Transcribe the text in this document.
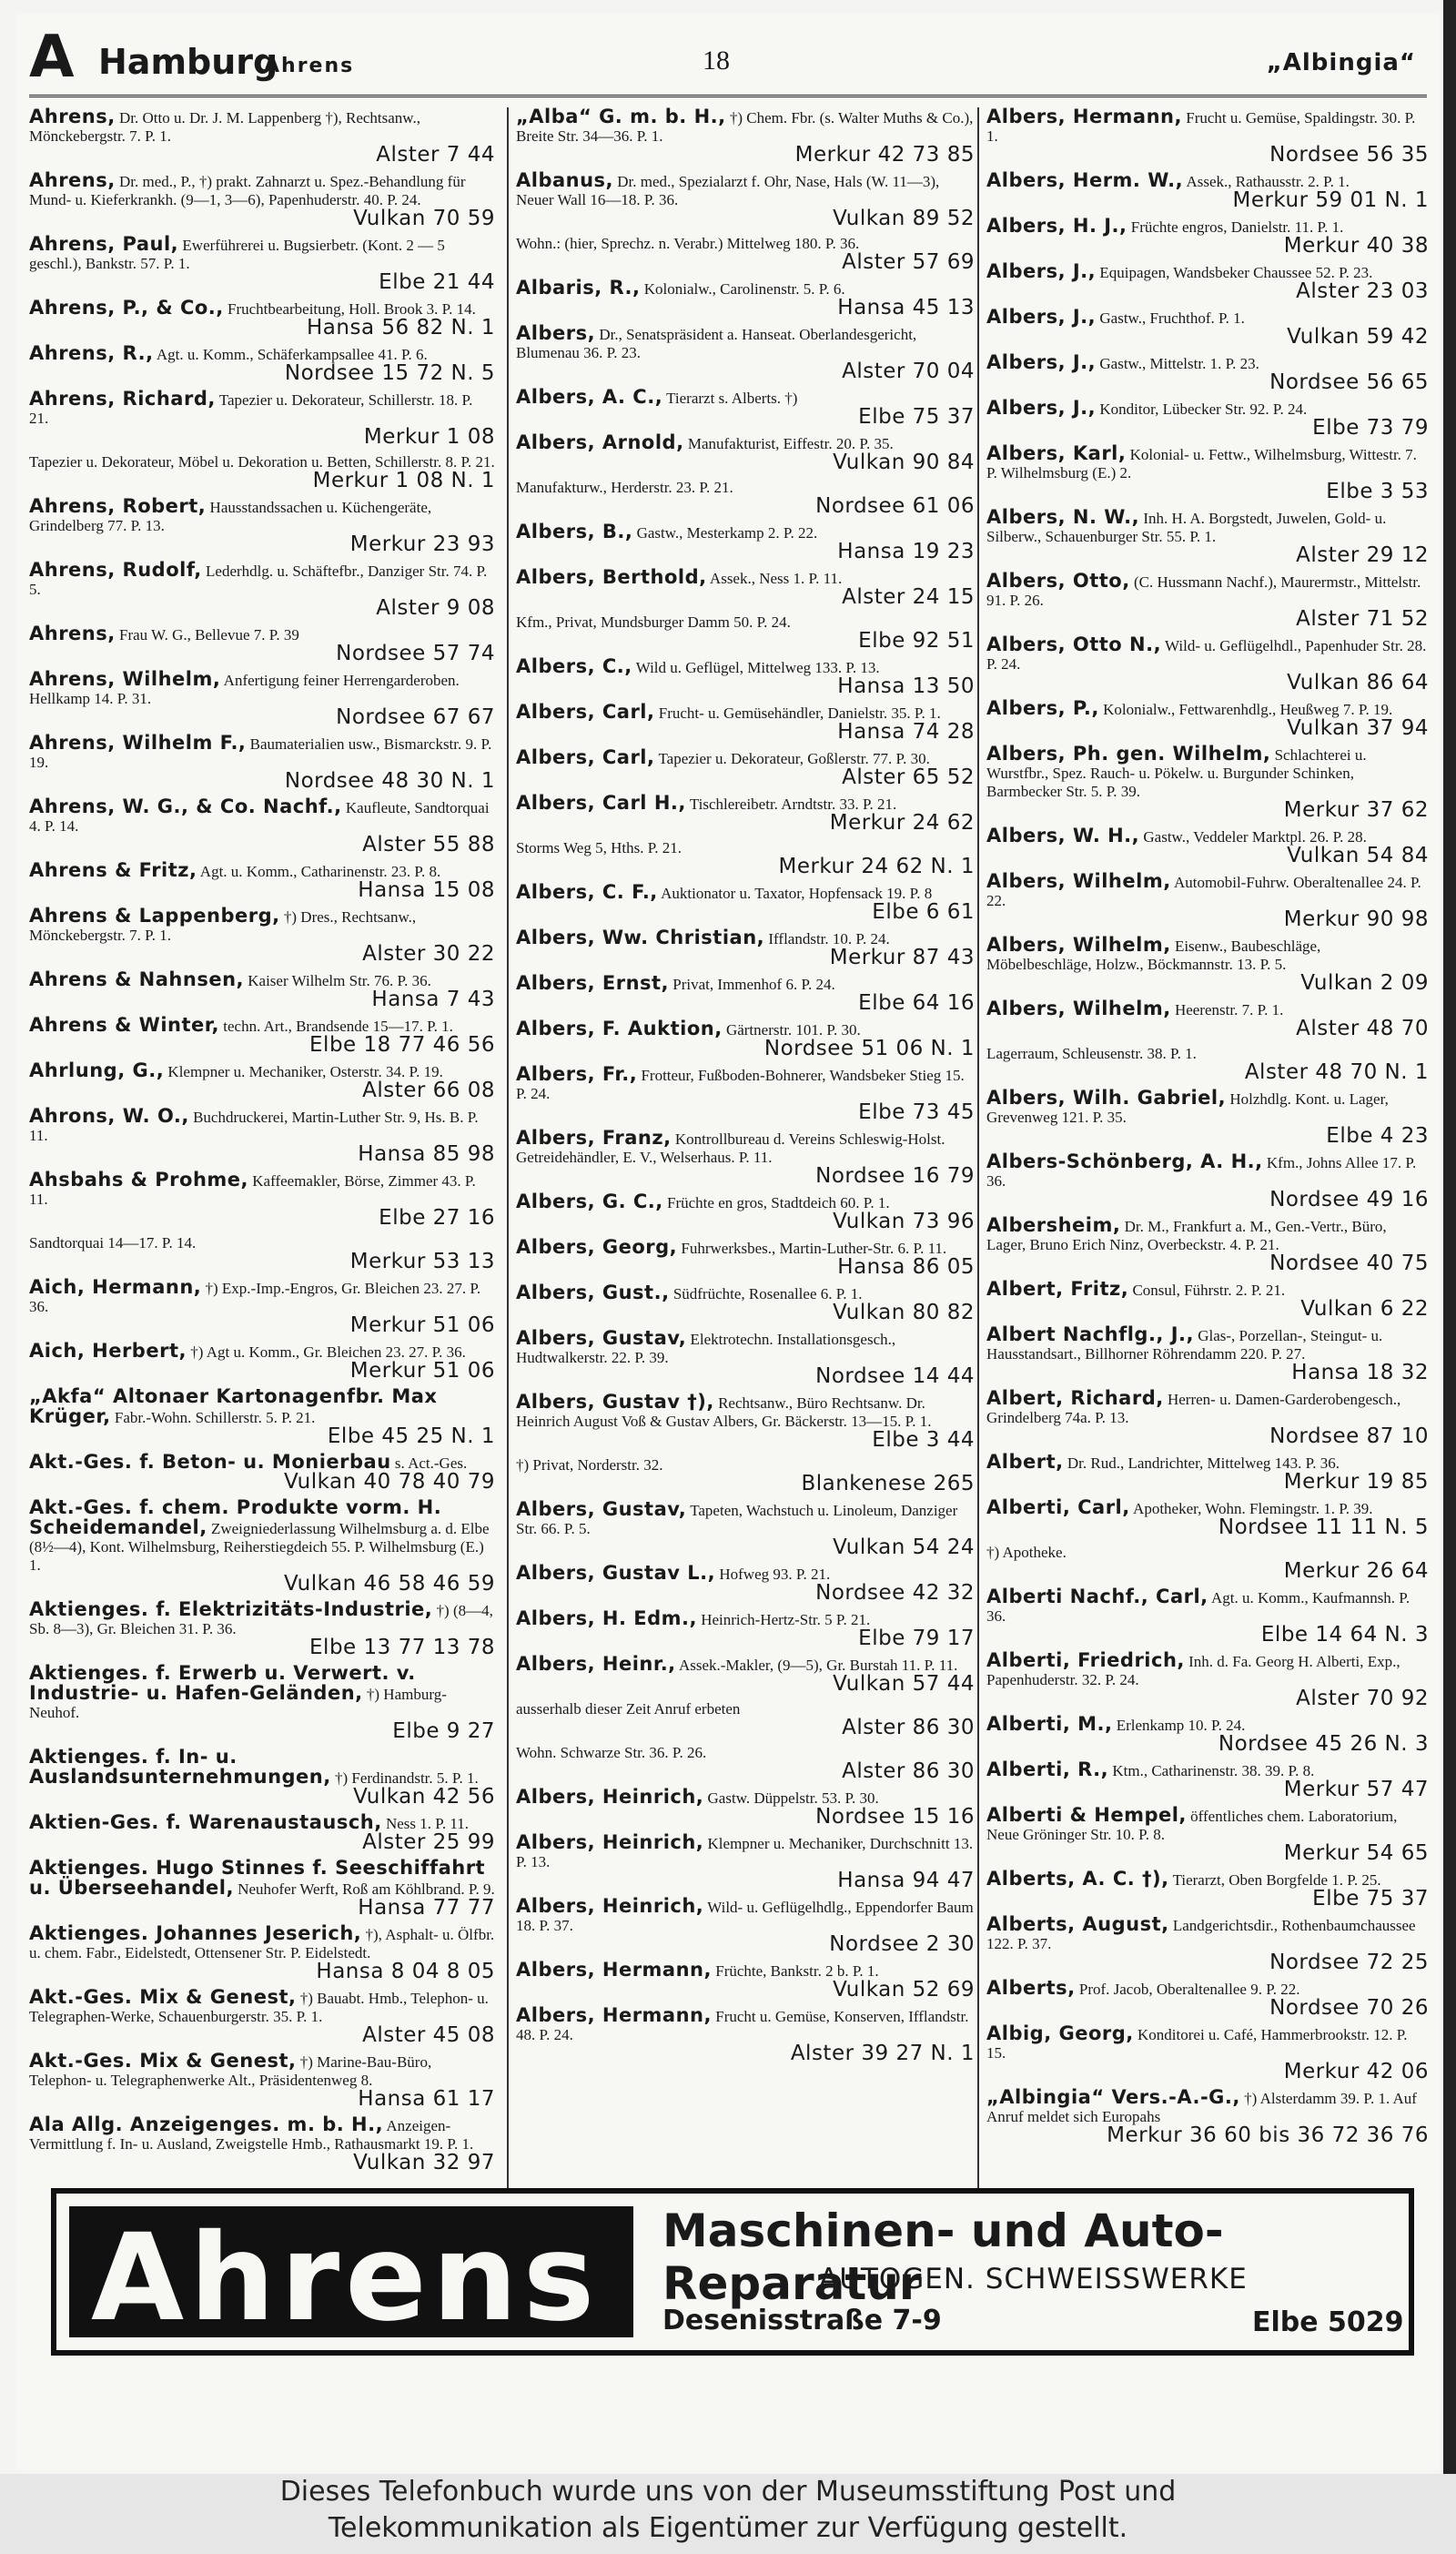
A Hamburg
Ahrens	18	„Albingia“
Ahrens, Dr. Otto u. Dr. J. M. Lappenberg †), Rechtsanw., Mönckebergstr. 7. P. 1.
Alster 7 44
Ahrens, Dr. med., P., †) prakt. Zahnarzt u. Spez.-Behandlung für Mund- u. Kieferkrankh. (9—1, 3—6), Papenhuderstr. 40. P. 24.
Vulkan 70 59
Ahrens, Paul, Ewerführerei u. Bugsierbetr. (Kont. 2 — 5 geschl.), Bankstr. 57. P. 1.
Elbe 21 44
Ahrens, P., & Co., Fruchtbearbeitung, Holl. Brook 3. P. 14.
Hansa 56 82 N. 1
Ahrens, R., Agt. u. Komm., Schäferkampsallee 41. P. 6.
Nordsee 15 72 N. 5
Ahrens, Richard, Tapezier u. Dekorateur, Schillerstr. 18. P. 21.
Merkur 1 08
Tapezier u. Dekorateur, Möbel u. Dekoration u. Betten, Schillerstr. 8. P. 21.
Merkur 1 08 N. 1
Ahrens, Robert, Hausstandssachen u. Küchengeräte, Grindelberg 77. P. 13.
Merkur 23 93
Ahrens, Rudolf, Lederhdlg. u. Schäftefbr., Danziger Str. 74. P. 5.
Alster 9 08
Ahrens, Frau W. G., Bellevue 7. P. 39
Nordsee 57 74
Ahrens, Wilhelm, Anfertigung feiner Herrengarderoben. Hellkamp 14. P. 31.
Nordsee 67 67
Ahrens, Wilhelm F., Baumaterialien usw., Bismarckstr. 9. P. 19.
Nordsee 48 30 N. 1
Ahrens, W. G., & Co. Nachf., Kaufleute, Sandtorquai 4. P. 14.
Alster 55 88
Ahrens & Fritz, Agt. u. Komm., Catharinenstr. 23. P. 8.
Hansa 15 08
Ahrens & Lappenberg, †) Dres., Rechtsanw., Mönckebergstr. 7. P. 1.
Alster 30 22
Ahrens & Nahnsen, Kaiser Wilhelm Str. 76. P. 36.
Hansa 7 43
Ahrens & Winter, techn. Art., Brandsende 15—17. P. 1.
Elbe 18 77 46 56
Ahrlung, G., Klempner u. Mechaniker, Osterstr. 34. P. 19.
Alster 66 08
Ahrons, W. O., Buchdruckerei, Martin-Luther Str. 9, Hs. B. P. 11.
Hansa 85 98
Ahsbahs & Prohme, Kaffeemakler, Börse, Zimmer 43. P. 11.
Elbe 27 16
Sandtorquai 14—17. P. 14.
Merkur 53 13
Aich, Hermann, †) Exp.-Imp.-Engros, Gr. Bleichen 23. 27. P. 36.
Merkur 51 06
Aich, Herbert, †) Agt u. Komm., Gr. Bleichen 23. 27. P. 36.
Merkur 51 06
„Akfa“ Altonaer Kartonagenfbr. Max Krüger, Fabr.-Wohn. Schillerstr. 5. P. 21.
Elbe 45 25 N. 1
Akt.-Ges. f. Beton- u. Monierbau s. Act.-Ges.
Vulkan 40 78 40 79
Akt.-Ges. f. chem. Produkte vorm. H. Scheidemandel, Zweigniederlassung Wilhelmsburg a. d. Elbe (8½—4), Kont. Wilhelmsburg, Reiherstiegdeich 55. P. Wilhelmsburg (E.) 1.
Vulkan 46 58 46 59
Aktienges. f. Elektrizitäts-Industrie, †) (8—4, Sb. 8—3), Gr. Bleichen 31. P. 36.
Elbe 13 77 13 78
Aktienges. f. Erwerb u. Verwert. v. Industrie- u. Hafen-Geländen, †) Hamburg-Neuhof.
Elbe 9 27
Aktienges. f. In- u. Auslandsunternehmungen, †) Ferdinandstr. 5. P. 1.
Vulkan 42 56
Aktien-Ges. f. Warenaustausch, Ness 1. P. 11.
Alster 25 99
Aktienges. Hugo Stinnes f. Seeschiffahrt u. Überseehandel, Neuhofer Werft, Roß am Köhlbrand. P. 9.
Hansa 77 77
Aktienges. Johannes Jeserich, †), Asphalt- u. Ölfbr. u. chem. Fabr., Eidelstedt, Ottensener Str. P. Eidelstedt.
Hansa 8 04 8 05
Akt.-Ges. Mix & Genest, †) Bauabt. Hmb., Telephon- u. Telegraphen-Werke, Schauenburgerstr. 35. P. 1.
Alster 45 08
Akt.-Ges. Mix & Genest, †) Marine-Bau-Büro, Telephon- u. Telegraphenwerke Alt., Präsidentenweg 8.
Hansa 61 17
Ala Allg. Anzeigenges. m. b. H., Anzeigen-Vermittlung f. In- u. Ausland, Zweigstelle Hmb., Rathausmarkt 19. P. 1.
Vulkan 32 97
„Alba“ G. m. b. H., †) Chem. Fbr. (s. Walter Muths & Co.), Breite Str. 34—36. P. 1.
Merkur 42 73 85
Albanus, Dr. med., Spezialarzt f. Ohr, Nase, Hals (W. 11—3), Neuer Wall 16—18. P. 36.
Vulkan 89 52
Wohn.: (hier, Sprechz. n. Verabr.) Mittelweg 180. P. 36.
Alster 57 69
Albaris, R., Kolonialw., Carolinenstr. 5. P. 6.
Hansa 45 13
Albers, Dr., Senatspräsident a. Hanseat. Oberlandesgericht, Blumenau 36. P. 23.
Alster 70 04
Albers, A. C., Tierarzt s. Alberts. †)
Elbe 75 37
Albers, Arnold, Manufakturist, Eiffestr. 20. P. 35.
Vulkan 90 84
Manufakturw., Herderstr. 23. P. 21.
Nordsee 61 06
Albers, B., Gastw., Mesterkamp 2. P. 22.
Hansa 19 23
Albers, Berthold, Assek., Ness 1. P. 11.
Alster 24 15
Kfm., Privat, Mundsburger Damm 50. P. 24.
Elbe 92 51
Albers, C., Wild u. Geflügel, Mittelweg 133. P. 13.
Hansa 13 50
Albers, Carl, Frucht- u. Gemüsehändler, Danielstr. 35. P. 1.
Hansa 74 28
Albers, Carl, Tapezier u. Dekorateur, Goßlerstr. 77. P. 30.
Alster 65 52
Albers, Carl H., Tischlereibetr. Arndtstr. 33. P. 21.
Merkur 24 62
Storms Weg 5, Hths. P. 21.
Merkur 24 62 N. 1
Albers, C. F., Auktionator u. Taxator, Hopfensack 19. P. 8
Elbe 6 61
Albers, Ww. Christian, Ifflandstr. 10. P. 24.
Merkur 87 43
Albers, Ernst, Privat, Immenhof 6. P. 24.
Elbe 64 16
Albers, F. Auktion, Gärtnerstr. 101. P. 30.
Nordsee 51 06 N. 1
Albers, Fr., Frotteur, Fußboden-Bohnerer, Wandsbeker Stieg 15. P. 24.
Elbe 73 45
Albers, Franz, Kontrollbureau d. Vereins Schleswig-Holst. Getreidehändler, E. V., Welserhaus. P. 11.
Nordsee 16 79
Albers, G. C., Früchte en gros, Stadtdeich 60. P. 1.
Vulkan 73 96
Albers, Georg, Fuhrwerksbes., Martin-Luther-Str. 6. P. 11.
Hansa 86 05
Albers, Gust., Südfrüchte, Rosenallee 6. P. 1.
Vulkan 80 82
Albers, Gustav, Elektrotechn. Installationsgesch., Hudtwalkerstr. 22. P. 39.
Nordsee 14 44
Albers, Gustav †), Rechtsanw., Büro Rechtsanw. Dr. Heinrich August Voß & Gustav Albers, Gr. Bäckerstr. 13—15. P. 1.
Elbe 3 44
†) Privat, Norderstr. 32.
Blankenese 265
Albers, Gustav, Tapeten, Wachstuch u. Linoleum, Danziger Str. 66. P. 5.
Vulkan 54 24
Albers, Gustav L., Hofweg 93. P. 21.
Nordsee 42 32
Albers, H. Edm., Heinrich-Hertz-Str. 5 P. 21.
Elbe 79 17
Albers, Heinr., Assek.-Makler, (9—5), Gr. Burstah 11. P. 11.
Vulkan 57 44
ausserhalb dieser Zeit Anruf erbeten
Alster 86 30
Wohn. Schwarze Str. 36. P. 26.
Alster 86 30
Albers, Heinrich, Gastw. Düppelstr. 53. P. 30.
Nordsee 15 16
Albers, Heinrich, Klempner u. Mechaniker, Durchschnitt 13. P. 13.
Hansa 94 47
Albers, Heinrich, Wild- u. Geflügelhdlg., Eppendorfer Baum 18. P. 37.
Nordsee 2 30
Albers, Hermann, Früchte, Bankstr. 2 b. P. 1.
Vulkan 52 69
Albers, Hermann, Frucht u. Gemüse, Konserven, Ifflandstr. 48. P. 24.
Alster 39 27 N. 1
Albers, Hermann, Frucht u. Gemüse, Spaldingstr. 30. P. 1.
Nordsee 56 35
Albers, Herm. W., Assek., Rathausstr. 2. P. 1.
Merkur 59 01 N. 1
Albers, H. J., Früchte engros, Danielstr. 11. P. 1.
Merkur 40 38
Albers, J., Equipagen, Wandsbeker Chaussee 52. P. 23.
Alster 23 03
Albers, J., Gastw., Fruchthof. P. 1.
Vulkan 59 42
Albers, J., Gastw., Mittelstr. 1. P. 23.
Nordsee 56 65
Albers, J., Konditor, Lübecker Str. 92. P. 24.
Elbe 73 79
Albers, Karl, Kolonial- u. Fettw., Wilhelmsburg, Wittestr. 7. P. Wilhelmsburg (E.) 2.
Elbe 3 53
Albers, N. W., Inh. H. A. Borgstedt, Juwelen, Gold- u. Silberw., Schauenburger Str. 55. P. 1.
Alster 29 12
Albers, Otto, (C. Hussmann Nachf.), Maurermstr., Mittelstr. 91. P. 26.
Alster 71 52
Albers, Otto N., Wild- u. Geflügelhdl., Papenhuder Str. 28. P. 24.
Vulkan 86 64
Albers, P., Kolonialw., Fettwarenhdlg., Heußweg 7. P. 19.
Vulkan 37 94
Albers, Ph. gen. Wilhelm, Schlachterei u. Wurstfbr., Spez. Rauch- u. Pökelw. u. Burgunder Schinken, Barmbecker Str. 5. P. 39.
Merkur 37 62
Albers, W. H., Gastw., Veddeler Marktpl. 26. P. 28.
Vulkan 54 84
Albers, Wilhelm, Automobil-Fuhrw. Oberaltenallee 24. P. 22.
Merkur 90 98
Albers, Wilhelm, Eisenw., Baubeschläge, Möbelbeschläge, Holzw., Böckmannstr. 13. P. 5.
Vulkan 2 09
Albers, Wilhelm, Heerenstr. 7. P. 1.
Alster 48 70
Lagerraum, Schleusenstr. 38. P. 1.
Alster 48 70 N. 1
Albers, Wilh. Gabriel, Holzhdlg. Kont. u. Lager, Grevenweg 121. P. 35.
Elbe 4 23
Albers-Schönberg, A. H., Kfm., Johns Allee 17. P. 36.
Nordsee 49 16
Albersheim, Dr. M., Frankfurt a. M., Gen.-Vertr., Büro, Lager, Bruno Erich Ninz, Overbeckstr. 4. P. 21.
Nordsee 40 75
Albert, Fritz, Consul, Führstr. 2. P. 21.
Vulkan 6 22
Albert Nachflg., J., Glas-, Porzellan-, Steingut- u. Hausstandsart., Billhorner Röhrendamm 220. P. 27.
Hansa 18 32
Albert, Richard, Herren- u. Damen-Garderobengesch., Grindelberg 74a. P. 13.
Nordsee 87 10
Albert, Dr. Rud., Landrichter, Mittelweg 143. P. 36.
Merkur 19 85
Alberti, Carl, Apotheker, Wohn. Flemingstr. 1. P. 39.
Nordsee 11 11 N. 5
†) Apotheke.
Merkur 26 64
Alberti Nachf., Carl, Agt. u. Komm., Kaufmannsh. P. 36.
Elbe 14 64 N. 3
Alberti, Friedrich, Inh. d. Fa. Georg H. Alberti, Exp., Papenhuderstr. 32. P. 24.
Alster 70 92
Alberti, M., Erlenkamp 10. P. 24.
Nordsee 45 26 N. 3
Alberti, R., Ktm., Catharinenstr. 38. 39. P. 8.
Merkur 57 47
Alberti & Hempel, öffentliches chem. Laboratorium, Neue Gröninger Str. 10. P. 8.
Merkur 54 65
Alberts, A. C. †), Tierarzt, Oben Borgfelde 1. P. 25.
Elbe 75 37
Alberts, August, Landgerichtsdir., Rothenbaumchaussee 122. P. 37.
Nordsee 72 25
Alberts, Prof. Jacob, Oberaltenallee 9. P. 22.
Nordsee 70 26
Albig, Georg, Konditorei u. Café, Hammerbrookstr. 12. P. 15.
Merkur 42 06
„Albingia“ Vers.-A.-G., †) Alsterdamm 39. P. 1. Auf Anruf meldet sich Europahs
Merkur 36 60 bis 36 72 36 76
Ahrens Maschinen- und Auto-Reparatur
AUTOGEN. SCHWEISSWERKE
Desenisstraße 7-9	Elbe 5029
Dieses Telefonbuch wurde uns von der Museumsstiftung Post und
Telekommunikation als Eigentümer zur Verfügung gestellt.
